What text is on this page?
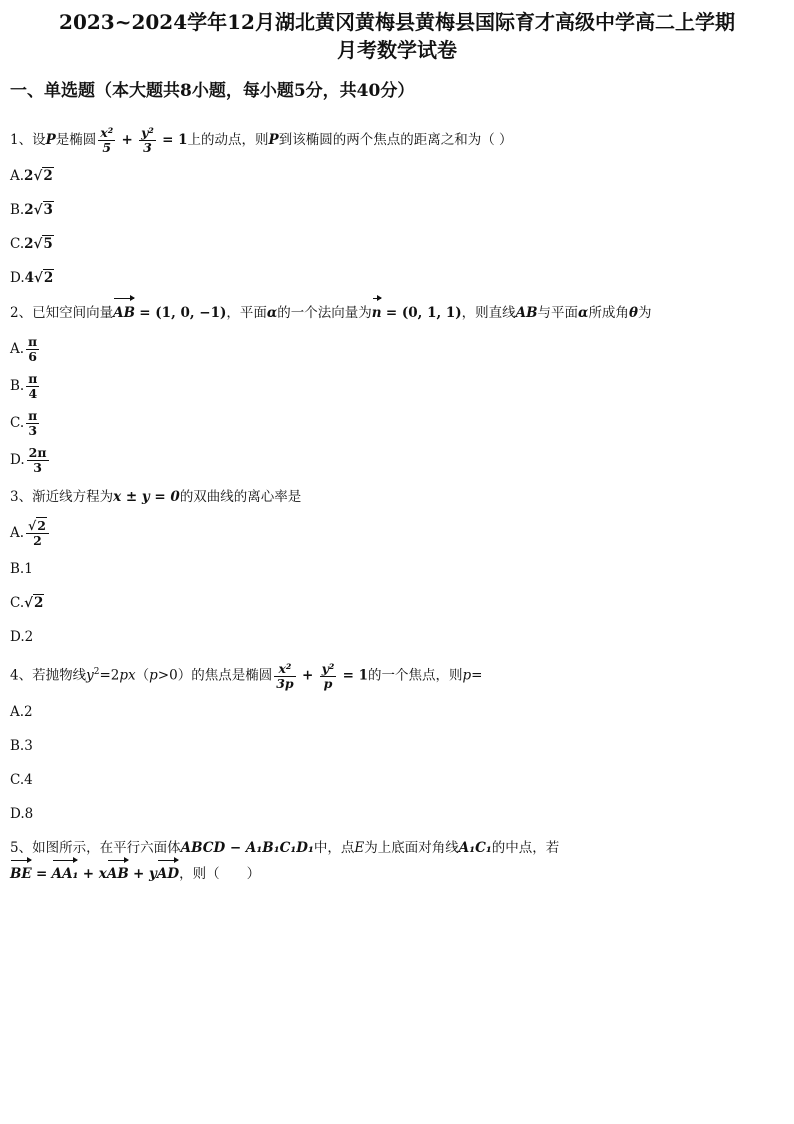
2023~2024学年12月湖北黄冈黄梅县黄梅县国际育才高级中学高二上学期
月考数学试卷
一、单选题（本大题共8小题，每小题5分，共40分）
1、设P是椭圆 $\frac{\text{x²}}{5} + \frac{\text{y²}}{3} = 1$上的动点，则P到该椭圆的两个焦点的距离之和为（ ）
A.2√2
B.2√3
C.2√5
D.4√2
2、已知空间向量AB = (1, 0, −1)，平面α的一个法向量为n = (0, 1, 1)，则直线AB与平面α所成角θ为
A. $\frac{\pi}{6}$
B. $\frac{\pi}{4}$
C. $\frac{\pi}{3}$
D. $\frac{2\pi}{3}$
3、渐近线方程为x ± y = 0的双曲线的离心率是
A. $\frac{√2}{2}$
B.1
C.√2
D.2
4、若抛物线$y^2=2px(p>0)$的焦点是椭圆 $\frac{\text{x²}}{3p} + \frac{\text{y²}}{p} = 1$的一个焦点，则p=
A.2
B.3
C.4
D.8
5、如图所示，在平行六面体ABCD − A₁B₁C₁D₁中，点E为上底面对角线A₁C₁的中点，若
BE = AA₁ + xAB + yAD，则（　　）
